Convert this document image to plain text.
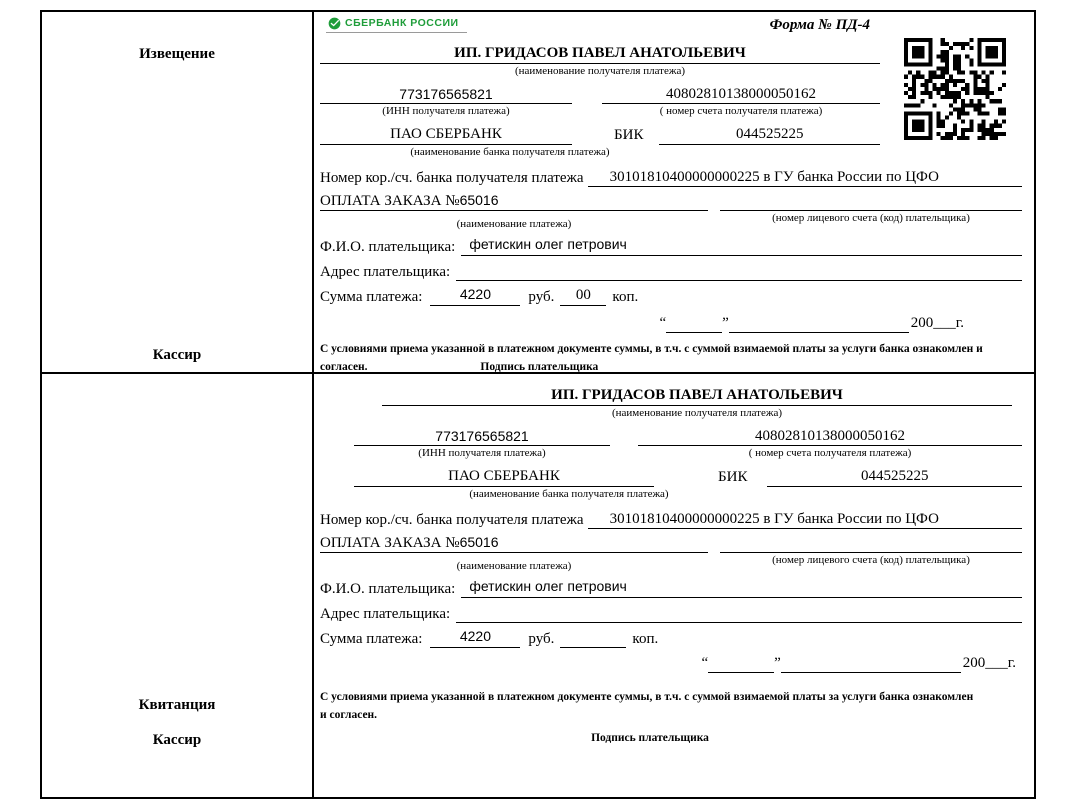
Извещение
Кассир
СБЕРБАНК РОССИИ	Форма № ПД-4
ИП. ГРИДАСОВ ПАВЕЛ АНАТОЛЬЕВИЧ
(наименование получателя платежа)
773176565821	40802810138000050162
(ИНН получателя платежа)	( номер счета получателя платежа)
ПАО СБЕРБАНК	БИК	044525225
(наименование банка получателя платежа)
Номер кор./сч. банка получателя платежа	30101810400000000225 в ГУ банка России по ЦФО
ОПЛАТА ЗАКАЗА №65016
(наименование платежа)	(номер лицевого счета (код) плательщика)
Ф.И.О. плательщика:	фетискин олег петрович
Адрес плательщика:
Сумма платежа:	4220	руб.	00	коп.
“	”	200___г.
С условиями приема указанной в платежном документе суммы, в т.ч. с суммой взимаемой платы за услуги банка ознакомлен и согласен.	Подпись плательщика
Квитанция
Кассир
ИП. ГРИДАСОВ ПАВЕЛ АНАТОЛЬЕВИЧ
(наименование получателя платежа)
773176565821	40802810138000050162
(ИНН получателя платежа)	( номер счета получателя платежа)
ПАО СБЕРБАНК	БИК	044525225
(наименование банка получателя платежа)
Номер кор./сч. банка получателя платежа	30101810400000000225 в ГУ банка России по ЦФО
ОПЛАТА ЗАКАЗА №65016
(наименование платежа)	(номер лицевого счета (код) плательщика)
Ф.И.О. плательщика:	фетискин олег петрович
Адрес плательщика:
Сумма платежа:	4220	руб.	коп.
“	”	200___г.
С условиями приема указанной в платежном документе суммы, в т.ч. с суммой взимаемой платы за услуги банка ознакомлен и согласен.
Подпись плательщика
